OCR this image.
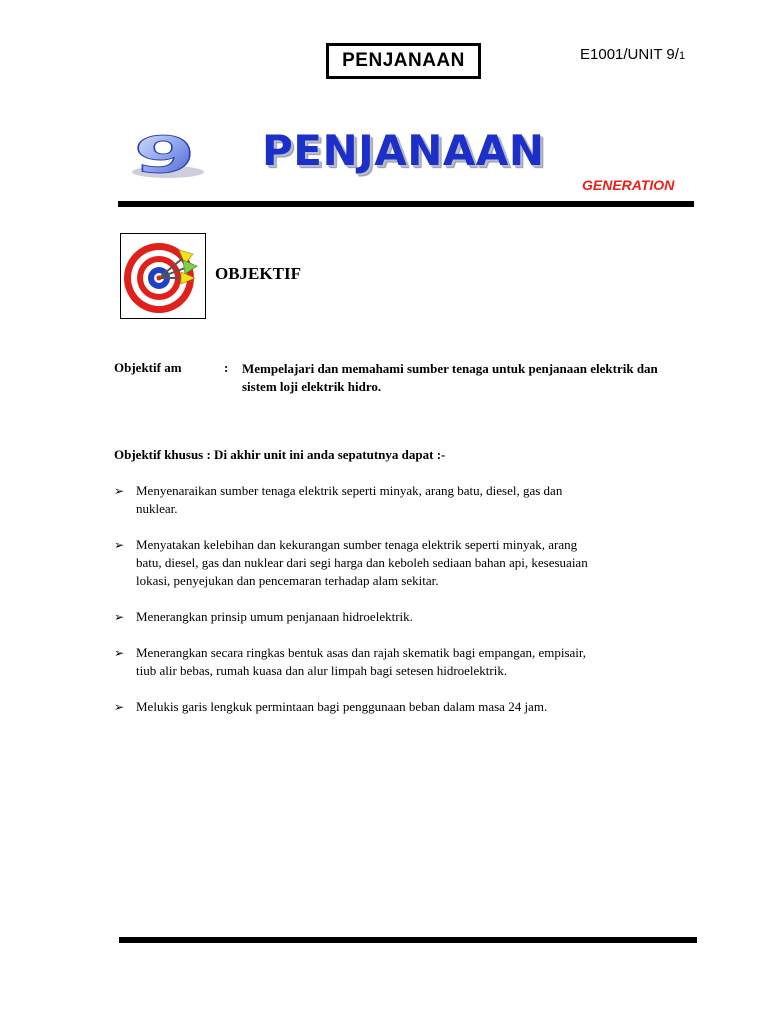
PENJANAAN	E1001/UNIT 9/1
9 PENJANAAN
GENERATION
OBJEKTIF
Objektif am	: Mempelajari dan memahami sumber tenaga untuk penjanaan elektrik dan sistem loji elektrik hidro.
Objektif khusus : Di akhir unit ini anda sepatutnya dapat :-
➢ Menyenaraikan sumber tenaga elektrik seperti minyak, arang batu, diesel, gas dan nuklear.
➢ Menyatakan kelebihan dan kekurangan sumber tenaga elektrik seperti minyak, arang batu, diesel, gas dan nuklear dari segi harga dan keboleh sediaan bahan api, kesesuaian lokasi, penyejukan dan pencemaran terhadap alam sekitar.
➢ Menerangkan prinsip umum penjanaan hidroelektrik.
➢ Menerangkan secara ringkas bentuk asas dan rajah skematik bagi empangan, empisair, tiub alir bebas, rumah kuasa dan alur limpah bagi setesen hidroelektrik.
➢ Melukis garis lengkuk permintaan bagi penggunaan beban dalam masa 24 jam.
